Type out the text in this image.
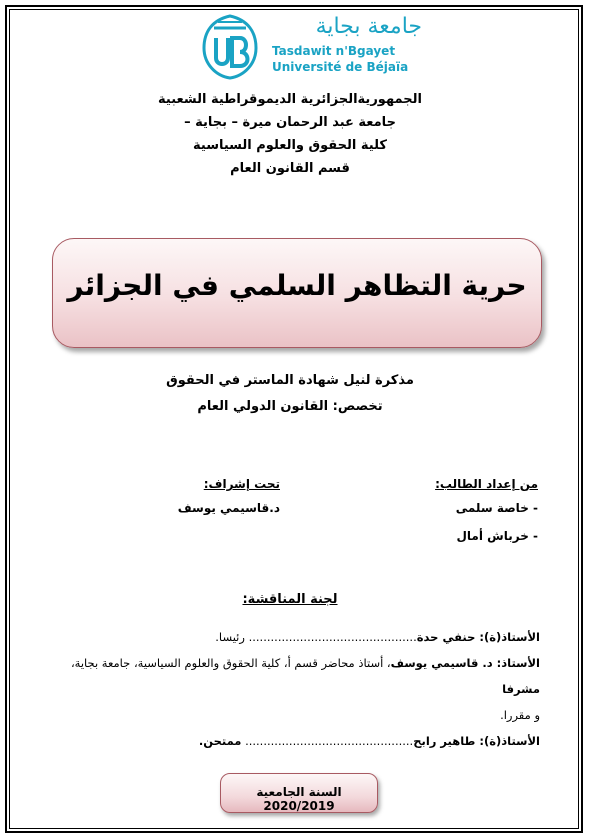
جامعة بجاية
Tasdawit n'Bgayet
Université de Béjaïa
الجمهوريةالجزائرية الديموقراطية الشعبية
جامعة عبد الرحمان ميرة – بجاية –
كلية الحقوق والعلوم السياسية
قسم القانون العام
حرية التظاهر السلمي في الجزائر
مذكرة لنيل شهادة الماستر في الحقوق
تخصص: القانون الدولي العام
من إعداد الطالب:
- خاصة سلمى
- خرباش أمال
تحت إشراف:
د.قاسيمي يوسف
لجنة المناقشة:
الأستاذ(ة): حنفي حدة.............................................. رئيسا.
الأستاذ: د. قاسيمي يوسف، أستاذ محاضر قسم أ، كلية الحقوق والعلوم السياسية، جامعة بجاية، مشرفا
و مقررا.
الأستاذ(ة): طاهير رابح.............................................. ممتحن.
السنة الجامعية 2020/2019
